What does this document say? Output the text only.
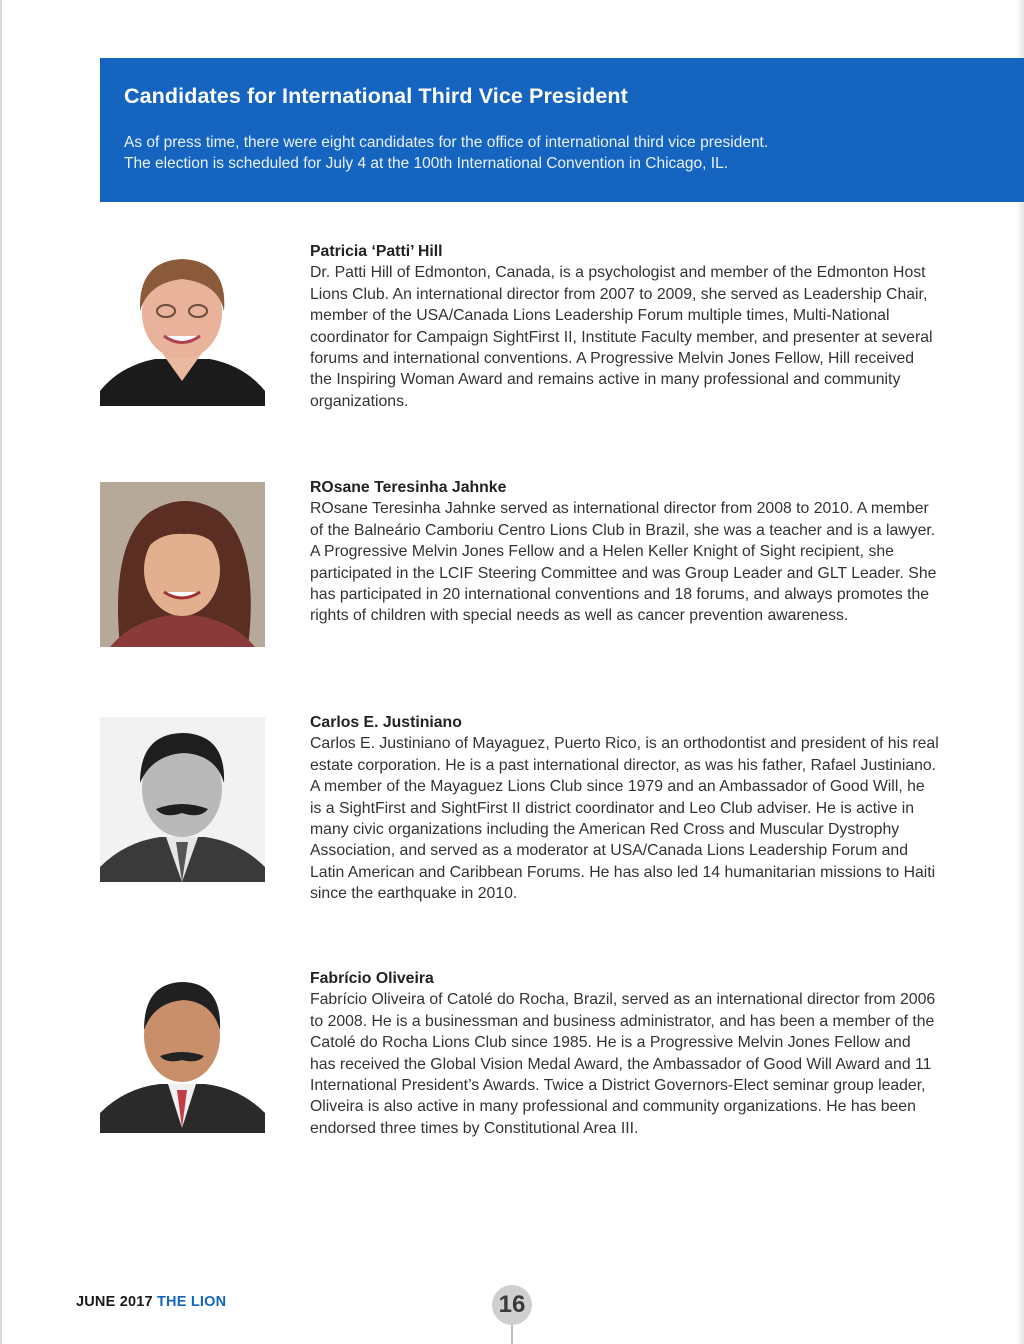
Candidates for International Third Vice President

As of press time, there were eight candidates for the office of international third vice president.
The election is scheduled for July 4 at the 100th International Convention in Chicago, IL.

Patricia ‘Patti’ Hill

Dr. Patti Hill of Edmonton, Canada, is a psychologist and member of the Edmonton Host Lions Club. An international director from 2007 to 2009, she served as Leadership Chair, member of the USA/Canada Lions Leadership Forum multiple times, Multi-National coordinator for Campaign SightFirst II, Institute Faculty member, and presenter at several forums and international conventions. A Progressive Melvin Jones Fellow, Hill received the Inspiring Woman Award and remains active in many professional and community organizations.

ROsane Teresinha Jahnke

ROsane Teresinha Jahnke served as international director from 2008 to 2010. A member of the Balneário Camboriu Centro Lions Club in Brazil, she was a teacher and is a lawyer. A Progressive Melvin Jones Fellow and a Helen Keller Knight of Sight recipient, she participated in the LCIF Steering Committee and was Group Leader and GLT Leader. She has participated in 20 international conventions and 18 forums, and always promotes the rights of children with special needs as well as cancer prevention awareness.

Carlos E. Justiniano

Carlos E. Justiniano of Mayaguez, Puerto Rico, is an orthodontist and president of his real estate corporation. He is a past international director, as was his father, Rafael Justiniano. A member of the Mayaguez Lions Club since 1979 and an Ambassador of Good Will, he is a SightFirst and SightFirst II district coordinator and Leo Club adviser. He is active in many civic organizations including the American Red Cross and Muscular Dystrophy Association, and served as a moderator at USA/Canada Lions Leadership Forum and Latin American and Caribbean Forums. He has also led 14 humanitarian missions to Haiti since the earthquake in 2010.

Fabrício Oliveira

Fabrício Oliveira of Catolé do Rocha, Brazil, served as an international director from 2006 to 2008. He is a businessman and business administrator, and has been a member of the Catolé do Rocha Lions Club since 1985. He is a Progressive Melvin Jones Fellow and has received the Global Vision Medal Award, the Ambassador of Good Will Award and 11 International President’s Awards. Twice a District Governors-Elect seminar group leader, Oliveira is also active in many professional and community organizations. He has been endorsed three times by Constitutional Area III.

JUNE 2017 THE LION	16
